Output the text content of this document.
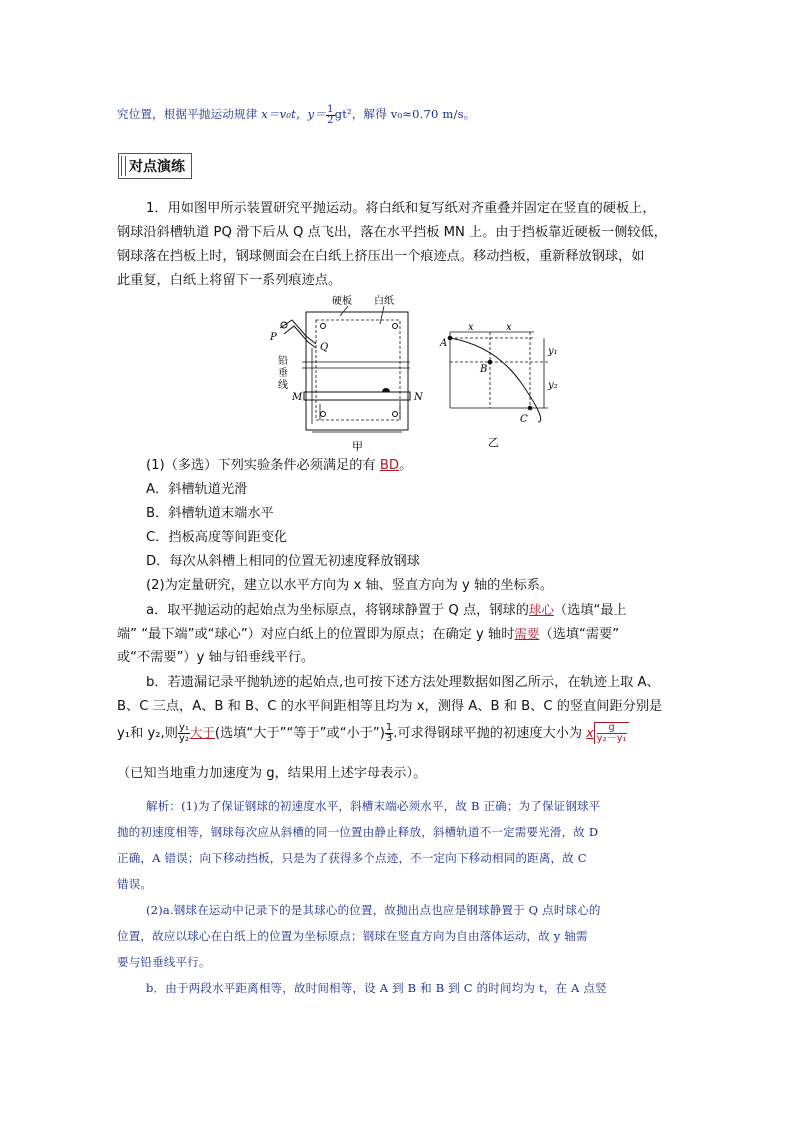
究位置，根据平抛运动规律 x＝v₀t，$y= \frac{1}{2} gt^2$，解得 v₀≈0.70 m/s。
对点演练
1．用如图甲所示装置研究平抛运动。将白纸和复写纸对齐重叠并固定在竖直的硬板上，
钢球沿斜槽轨道 PQ 滑下后从 Q 点飞出，落在水平挡板 MN 上。由于挡板靠近硬板一侧较低，
钢球落在挡板上时，钢球侧面会在白纸上挤压出一个痕迹点。移动挡板，重新释放钢球，如
此重复，白纸上将留下一系列痕迹点。
硬板 白纸
P
Q
铅
垂
线
M	N
甲
x	x
A
B
C
y₁
y₂
乙
(1)（多选）下列实验条件必须满足的有 BD。
A．斜槽轨道光滑
B．斜槽轨道末端水平
C．挡板高度等间距变化
D．每次从斜槽上相同的位置无初速度释放钢球
(2)为定量研究，建立以水平方向为 x 轴、竖直方向为 y 轴的坐标系。
a．取平抛运动的起始点为坐标原点，将钢球静置于 Q 点，钢球的球心（选填“最上
端” “最下端”或“球心”）对应白纸上的位置即为原点；在确定 y 轴时需要（选填“需要”
或“不需要”）y 轴与铅垂线平行。
b．若遗漏记录平抛轨迹的起始点,也可按下述方法处理数据如图乙所示，在轨迹上取 A、
B、C 三点，A、B 和 B、C 的水平间距相等且均为 x，测得 A、B 和 B、C 的竖直间距分别是
y₁和 y₂,则 $\frac{\text{y₁}}{\text{y₂}}$ 大于(选填“大于”“等于”或“小于”) $\frac{1}{3}$ .可求得钢球平抛的初速度大小为 x $\frac{g}{\text{y₂－y₁}}$
（已知当地重力加速度为 g，结果用上述字母表示）。
解析：(1)为了保证钢球的初速度水平，斜槽末端必须水平，故 B 正确；为了保证钢球平
抛的初速度相等，钢球每次应从斜槽的同一位置由静止释放，斜槽轨道不一定需要光滑，故 D
正确，A 错误；向下移动挡板，只是为了获得多个点迹，不一定向下移动相同的距离，故 C
错误。
(2)a.钢球在运动中记录下的是其球心的位置，故抛出点也应是钢球静置于 Q 点时球心的
位置，故应以球心在白纸上的位置为坐标原点；钢球在竖直方向为自由落体运动，故 y 轴需
要与铅垂线平行。
b．由于两段水平距离相等，故时间相等，设 A 到 B 和 B 到 C 的时间均为 t，在 A 点竖
